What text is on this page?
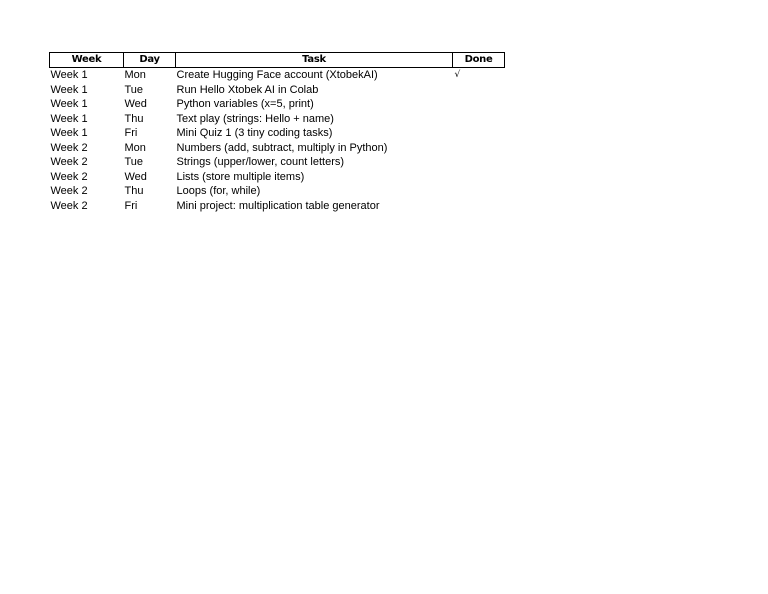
Week	Day	Task	Done
Week 1	Mon	Create Hugging Face account (XtobekAI)	√
Week 1	Tue	Run Hello Xtobek AI in Colab	
Week 1	Wed	Python variables (x=5, print)	
Week 1	Thu	Text play (strings: Hello + name)	
Week 1	Fri	Mini Quiz 1 (3 tiny coding tasks)	
Week 2	Mon	Numbers (add, subtract, multiply in Python)	
Week 2	Tue	Strings (upper/lower, count letters)	
Week 2	Wed	Lists (store multiple items)	
Week 2	Thu	Loops (for, while)	
Week 2	Fri	Mini project: multiplication table generator	
